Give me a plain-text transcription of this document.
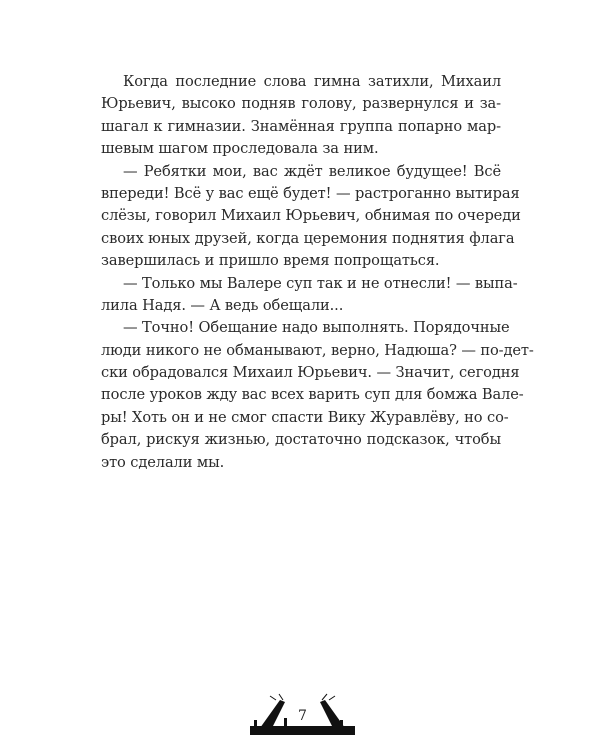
Когда последние слова гимна затихли, Михаил
Юрьевич, высоко подняв голову, развернулся и за-
шагал к гимназии. Знамённая группа попарно мар-
шевым шагом проследовала за ним.
— Ребятки мои, вас ждёт великое будущее! Всё
впереди! Всё у вас ещё будет! — растроганно вытирая
слёзы, говорил Михаил Юрьевич, обнимая по очереди
своих юных друзей, когда церемония поднятия флага
завершилась и пришло время попрощаться.
— Только мы Валере суп так и не отнесли! — выпа-
лила Надя. — А ведь обещали...
— Точно! Обещание надо выполнять. Порядочные
люди никого не обманывают, верно, Надюша? — по-дет-
ски обрадовался Михаил Юрьевич. — Значит, сегодня
после уроков жду вас всех варить суп для бомжа Вале-
ры! Хоть он и не смог спасти Вику Журавлёву, но со-
брал, рискуя жизнью, достаточно подсказок, чтобы
это сделали мы.
7
